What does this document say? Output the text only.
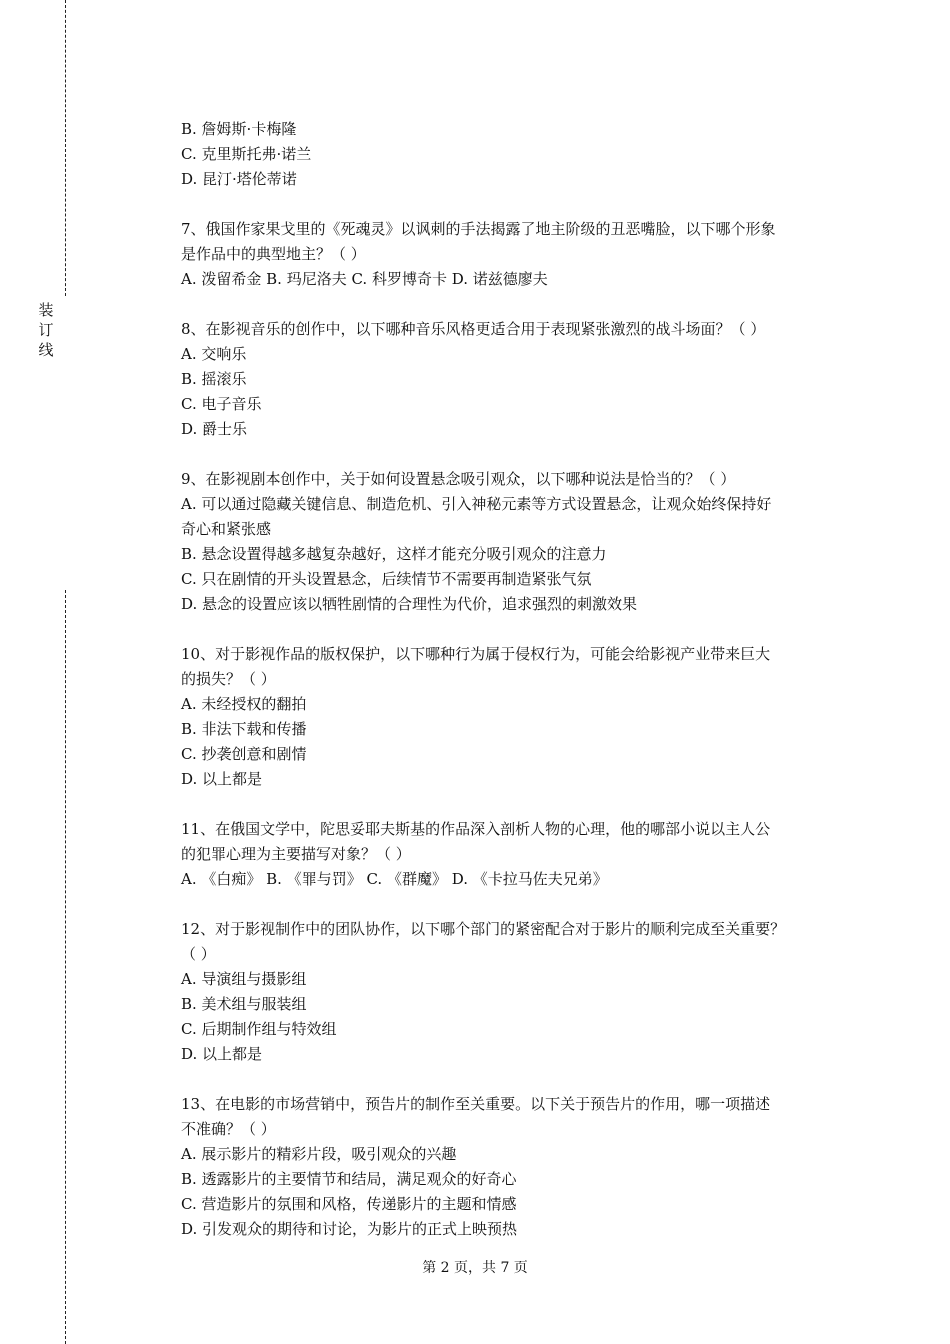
装
订
线

B. 詹姆斯·卡梅隆

C. 克里斯托弗·诺兰

D. 昆汀·塔伦蒂诺

7、俄国作家果戈里的《死魂灵》以讽刺的手法揭露了地主阶级的丑恶嘴脸，以下哪个形象

是作品中的典型地主？（ ）

A. 泼留希金 B. 玛尼洛夫 C. 科罗博奇卡 D. 诺兹德廖夫

8、在影视音乐的创作中，以下哪种音乐风格更适合用于表现紧张激烈的战斗场面？（ ）

A. 交响乐

B. 摇滚乐

C. 电子音乐

D. 爵士乐

9、在影视剧本创作中，关于如何设置悬念吸引观众，以下哪种说法是恰当的？（ ）

A. 可以通过隐藏关键信息、制造危机、引入神秘元素等方式设置悬念，让观众始终保持好

奇心和紧张感

B. 悬念设置得越多越复杂越好，这样才能充分吸引观众的注意力

C. 只在剧情的开头设置悬念，后续情节不需要再制造紧张气氛

D. 悬念的设置应该以牺牲剧情的合理性为代价，追求强烈的刺激效果

10、对于影视作品的版权保护，以下哪种行为属于侵权行为，可能会给影视产业带来巨大

的损失？（ ）

A. 未经授权的翻拍

B. 非法下载和传播

C. 抄袭创意和剧情

D. 以上都是

11、在俄国文学中，陀思妥耶夫斯基的作品深入剖析人物的心理，他的哪部小说以主人公

的犯罪心理为主要描写对象？（ ）

A. 《白痴》 B. 《罪与罚》 C. 《群魔》 D. 《卡拉马佐夫兄弟》

12、对于影视制作中的团队协作，以下哪个部门的紧密配合对于影片的顺利完成至关重要？

（ ）

A. 导演组与摄影组

B. 美术组与服装组

C. 后期制作组与特效组

D. 以上都是

13、在电影的市场营销中，预告片的制作至关重要。以下关于预告片的作用，哪一项描述

不准确？（ ）

A. 展示影片的精彩片段，吸引观众的兴趣

B. 透露影片的主要情节和结局，满足观众的好奇心

C. 营造影片的氛围和风格，传递影片的主题和情感

D. 引发观众的期待和讨论，为影片的正式上映预热

第 2 页，共 7 页
